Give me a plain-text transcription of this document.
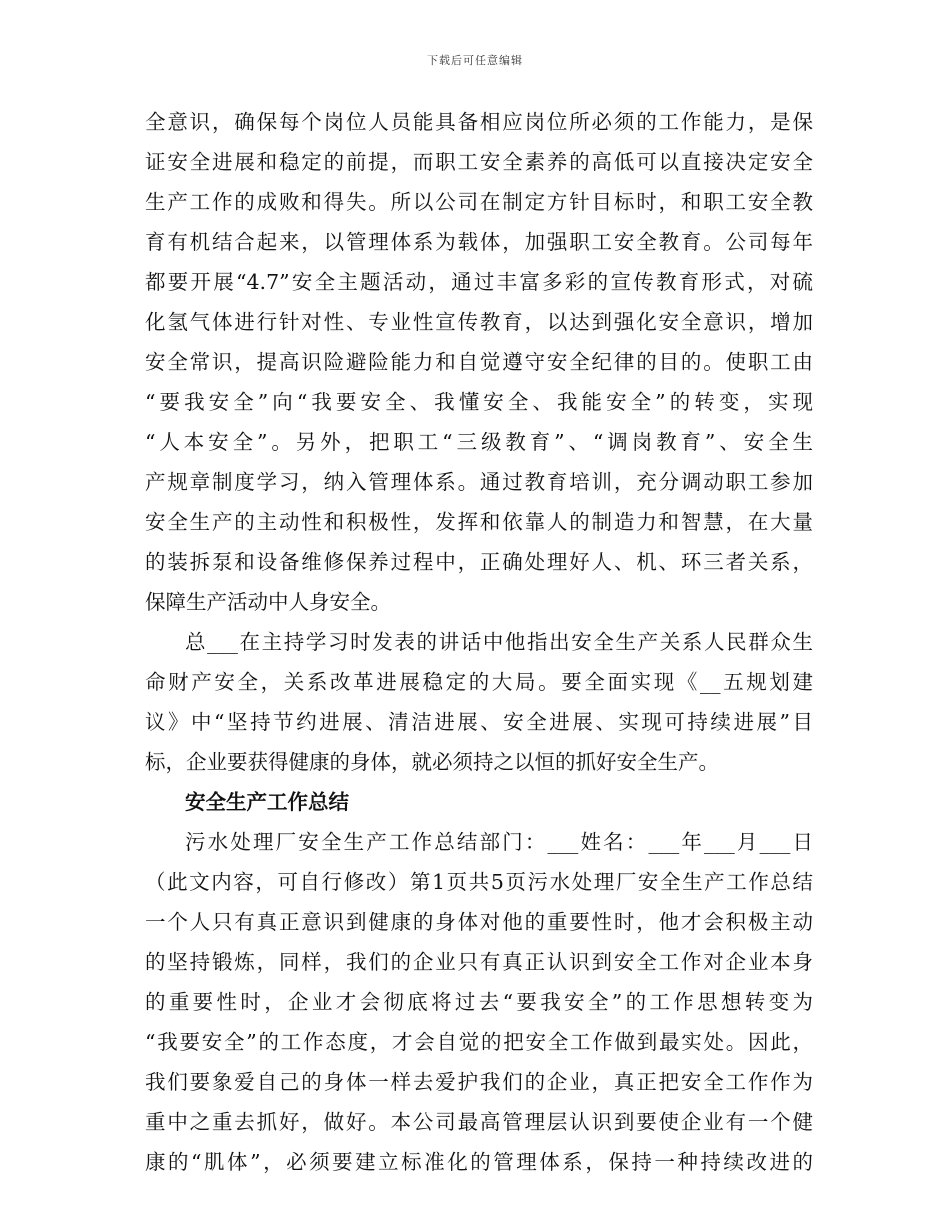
下载后可任意编辑
全意识，确保每个岗位人员能具备相应岗位所必须的工作能力，是保
证安全进展和稳定的前提，而职工安全素养的高低可以直接决定安全
生产工作的成败和得失。所以公司在制定方针目标时，和职工安全教
育有机结合起来，以管理体系为载体，加强职工安全教育。公司每年
都要开展“4.7”安全主题活动，通过丰富多彩的宣传教育形式，对硫
化氢气体进行针对性、专业性宣传教育，以达到强化安全意识，增加
安全常识，提高识险避险能力和自觉遵守安全纪律的目的。使职工由
“要我安全”向“我要安全、我懂安全、我能安全”的转变，实现
“人本安全”。另外，把职工“三级教育”、“调岗教育”、安全生
产规章制度学习，纳入管理体系。通过教育培训，充分调动职工参加
安全生产的主动性和积极性，发挥和依靠人的制造力和智慧，在大量
的装拆泵和设备维修保养过程中，正确处理好人、机、环三者关系，
保障生产活动中人身安全。
总___在主持学习时发表的讲话中他指出安全生产关系人民群众生
命财产安全，关系改革进展稳定的大局。要全面实现《__五规划建
议》中“坚持节约进展、清洁进展、安全进展、实现可持续进展”目
标，企业要获得健康的身体，就必须持之以恒的抓好安全生产。
安全生产工作总结
污水处理厂安全生产工作总结部门：___姓名：___年___月___日
（此文内容，可自行修改）第1页共5页污水处理厂安全生产工作总结
一个人只有真正意识到健康的身体对他的重要性时，他才会积极主动
的坚持锻炼，同样，我们的企业只有真正认识到安全工作对企业本身
的重要性时，企业才会彻底将过去“要我安全”的工作思想转变为
“我要安全”的工作态度，才会自觉的把安全工作做到最实处。因此，
我们要象爱自己的身体一样去爱护我们的企业，真正把安全工作作为
重中之重去抓好，做好。本公司最高管理层认识到要使企业有一个健
康的“肌体”，必须要建立标准化的管理体系，保持一种持续改进的
